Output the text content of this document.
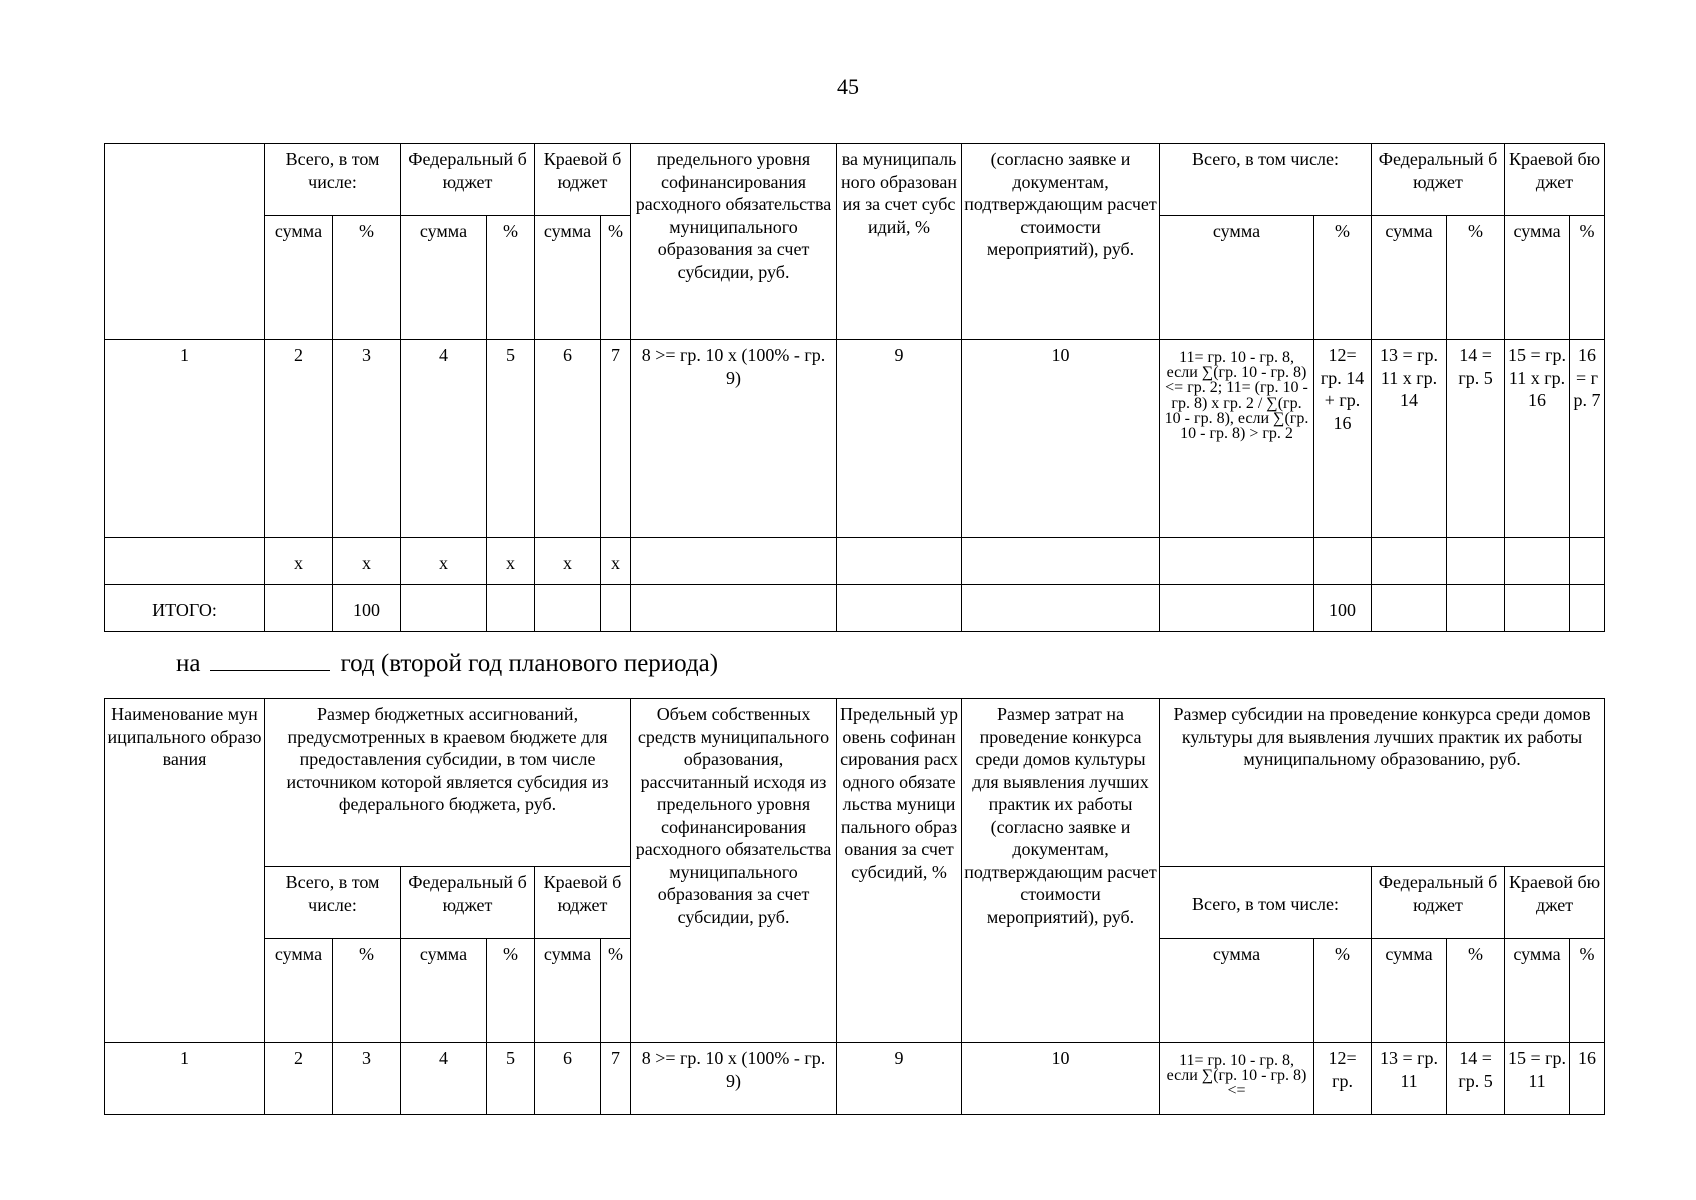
45
	Всего, в том числе:		Федеральный бюджет		Краевой бюджет		предельного уровня софинансирования расходного обязательства муниципального образования за счет субсидии, руб.	ва муниципального образования за счет субсидий, %	(согласно заявке и документам, подтверждающим расчет стоимости мероприятий), руб.	Всего, в том числе:		Федеральный бюджет		Краевой бюджет	
	сумма	%	сумма	%	сумма	%				сумма	%	сумма	%	сумма	%
1	2	3	4	5	6	7	8 >= гр. 10 x (100% - гр. 9)	9	10	11= гр. 10 - гр. 8, если ∑(гр. 10 - гр. 8) <= гр. 2; 11= (гр. 10 - гр. 8) x гр. 2 / ∑(гр. 10 - гр. 8), если ∑(гр. 10 - гр. 8) > гр. 2	12= гр. 14 + гр. 16	13 = гр. 11 x гр. 14	14 = гр. 5	15 = гр. 11 x гр. 16	16 = гр. 7
	x	x	x	x	x	x									
ИТОГО:		100									100				
на	год (второй год планового периода)
Наименование муниципального образования	Размер бюджетных ассигнований, предусмотренных в краевом бюджете для предоставления субсидии, в том числе источником которой является субсидия из федерального бюджета, руб.						Объем собственных средств муниципального образования, рассчитанный исходя из предельного уровня софинансирования расходного обязательства муниципального образования за счет субсидии, руб.	Предельный уровень софинансирования расходного обязательства муниципального образования за счет субсидий, %	Размер затрат на проведение конкурса среди домов культуры для выявления лучших практик их работы (согласно заявке и документам, подтверждающим расчет стоимости мероприятий), руб.	Размер субсидии на проведение конкурса среди домов культуры для выявления лучших практик их работы муниципальному образованию, руб.					
	Всего, в том числе:		Федеральный бюджет		Краевой бюджет					Всего, в том числе:		Федеральный бюджет		Краевой бюджет	
	сумма	%	сумма	%	сумма	%				сумма	%	сумма	%	сумма	%
1	2	3	4	5	6	7	8 >= гр. 10 x (100% - гр. 9)	9	10	11= гр. 10 - гр. 8, если ∑(гр. 10 - гр. 8) <=	12= гр.	13 = гр. 11	14 = гр. 5	15 = гр. 11	16
